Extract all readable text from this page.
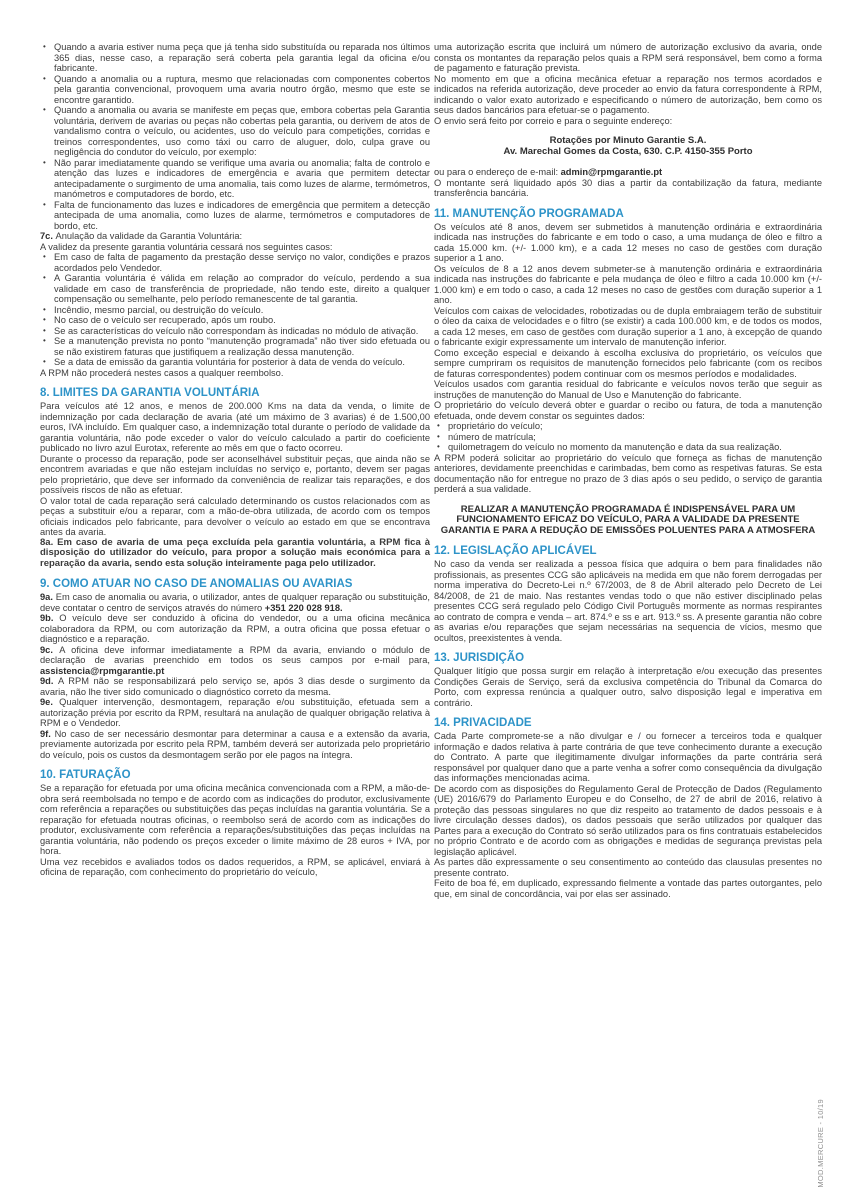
• Quando a avaria estiver numa peça que já tenha sido substituída ou reparada nos últimos 365 dias, nesse caso, a reparação será coberta pela garantia legal da oficina e/ou fabricante.
• Quando a anomalia ou a ruptura, mesmo que relacionadas com componentes cobertos pela garantia convencional, provoquem uma avaria noutro órgão, mesmo que este se encontre garantido.
• Quando a anomalia ou avaria se manifeste em peças que, embora cobertas pela Garantia voluntária, derivem de avarias ou peças não cobertas pela garantia, ou derivem de atos de vandalismo contra o veículo, ou acidentes, uso do veículo para competições, corridas e treinos correspondentes, uso como táxi ou carro de aluguer, dolo, culpa grave ou negligência do condutor do veículo, por exemplo:
• Não parar imediatamente quando se verifique uma avaria ou anomalia; falta de controlo e atenção das luzes e indicadores de emergência e avaria que permitem detectar antecipadamente o surgimento de uma anomalia, tais como luzes de alarme, termómetros, manómetros e computadores de bordo, etc.
• Falta de funcionamento das luzes e indicadores de emergência que permitem a detecção antecipada de uma anomalia, como luzes de alarme, termómetros e computadores de bordo, etc.
7c. Anulação da validade da Garantia Voluntária:
A validez da presente garantia voluntária cessará nos seguintes casos:
• Em caso de falta de pagamento da prestação desse serviço no valor, condições e prazos acordados pelo Vendedor.
• A Garantia voluntária é válida em relação ao comprador do veículo, perdendo a sua validade em caso de transferência de propriedade, não tendo este, direito a qualquer compensação ou semelhante, pelo período remanescente de tal garantia.
• Incêndio, mesmo parcial, ou destruição do veículo.
• No caso de o veículo ser recuperado, após um roubo.
• Se as características do veículo não correspondam às indicadas no módulo de ativação.
• Se a manutenção prevista no ponto “manutenção programada” não tiver sido efetuada ou se não existirem faturas que justifiquem a realização dessa manutenção.
• Se a data de emissão da garantia voluntária for posterior à data de venda do veículo.
A RPM não procederá nestes casos a qualquer reembolso.
8. LIMITES DA GARANTIA VOLUNTÁRIA
Para veículos até 12 anos, e menos de 200.000 Kms na data da venda, o limite de indemnização por cada declaração de avaria (até um máximo de 3 avarias) é de 1.500,00 euros, IVA incluído. Em qualquer caso, a indemnização total durante o período de validade da garantia voluntária, não pode exceder o valor do veículo calculado a partir do coeficiente publicado no livro azul Eurotax, referente ao mês em que o facto ocorreu.
Durante o processo da reparação, pode ser aconselhável substituir peças, que ainda não se encontrem avariadas e que não estejam incluídas no serviço e, portanto, devem ser pagas pelo proprietário, que deve ser informado da conveniência de realizar tais reparações, e dos possíveis riscos de não as efetuar.
O valor total de cada reparação será calculado determinando os custos relacionados com as peças a substituir e/ou a reparar, com a mão-de-obra utilizada, de acordo com os tempos oficiais indicados pelo fabricante, para devolver o veículo ao estado em que se encontrava antes da avaria.
8a. Em caso de avaria de uma peça excluída pela garantia voluntária, a RPM fica à disposição do utilizador do veículo, para propor a solução mais económica para a reparação da avaria, sendo esta solução inteiramente paga pelo utilizador.
9. COMO ATUAR NO CASO DE ANOMALIAS OU AVARIAS
9a. Em caso de anomalia ou avaria, o utilizador, antes de qualquer reparação ou substituição, deve contatar o centro de serviços através do número +351 220 028 918.
9b. O veículo deve ser conduzido à oficina do vendedor, ou a uma oficina mecânica colaboradora da RPM, ou com autorização da RPM, a outra oficina que possa efetuar o diagnóstico e a reparação.
9c. A oficina deve informar imediatamente a RPM da avaria, enviando o módulo de declaração de avarias preenchido em todos os seus campos por e-mail para, assistencia@rpmgarantie.pt
9d. A RPM não se responsabilizará pelo serviço se, após 3 dias desde o surgimento da avaria, não lhe tiver sido comunicado o diagnóstico correto da mesma.
9e. Qualquer intervenção, desmontagem, reparação e/ou substituição, efetuada sem a autorização prévia por escrito da RPM, resultará na anulação de qualquer obrigação relativa à RPM e o Vendedor.
9f. No caso de ser necessário desmontar para determinar a causa e a extensão da avaria, previamente autorizada por escrito pela RPM, também deverá ser autorizada pelo proprietário do veículo, pois os custos da desmontagem serão por ele pagos na íntegra.
10. FATURAÇÃO
Se a reparação for efetuada por uma oficina mecânica convencionada com a RPM, a mão-de-obra será reembolsada no tempo e de acordo com as indicações do produtor, exclusivamente com referência a reparações ou substituições das peças incluídas na garantia voluntária. Se a reparação for efetuada noutras oficinas, o reembolso será de acordo com as indicações do produtor, exclusivamente com referência a reparações/substituições das peças incluídas na garantia voluntária, não podendo os preços exceder o limite máximo de 28 euros + IVA, por hora.
Uma vez recebidos e avaliados todos os dados requeridos, a RPM, se aplicável, enviará à oficina de reparação, com conhecimento do proprietário do veículo,
uma autorização escrita que incluirá um número de autorização exclusivo da avaria, onde consta os montantes da reparação pelos quais a RPM será responsável, bem como a forma de pagamento e faturação prevista.
No momento em que a oficina mecânica efetuar a reparação nos termos acordados e indicados na referida autorização, deve proceder ao envio da fatura correspondente à RPM, indicando o valor exato autorizado e especificando o número de autorização, bem como os seus dados bancários para efetuar-se o pagamento.
O envio será feito por correio e para o seguinte endereço:
Rotações por Minuto Garantie S.A.
Av. Marechal Gomes da Costa, 630. C.P. 4150-355 Porto
ou para o endereço de e-mail: admin@rpmgarantie.pt
O montante será liquidado após 30 dias a partir da contabilização da fatura, mediante transferência bancária.
11. MANUTENÇÃO PROGRAMADA
Os veículos até 8 anos, devem ser submetidos à manutenção ordinária e extraordinária indicada nas instruções do fabricante e em todo o caso, a uma mudança de óleo e filtro a cada 15.000 km. (+/- 1.000 km), e a cada 12 meses no caso de gestões com duração superior a 1 ano.
Os veículos de 8 a 12 anos devem submeter-se à manutenção ordinária e extraordinária indicada nas instruções do fabricante e pela mudança de óleo e filtro a cada 10.000 km (+/- 1.000 km) e em todo o caso, a cada 12 meses no caso de gestões com duração superior a 1 ano.
Veículos com caixas de velocidades, robotizadas ou de dupla embraiagem terão de substituir o óleo da caixa de velocidades e o filtro (se existir) a cada 100.000 km, e de todos os modos, a cada 12 meses, em caso de gestões com duração superior a 1 ano, à excepção de quando o fabricante exigir expressamente um intervalo de manutenção inferior.
Como exceção especial e deixando à escolha exclusiva do proprietário, os veículos que sempre cumpriram os requisitos de manutenção fornecidos pelo fabricante (com os recibos de faturas correspondentes) podem continuar com os mesmos períodos e modalidades.
Veículos usados com garantia residual do fabricante e veículos novos terão que seguir as instruções de manutenção do Manual de Uso e Manutenção do fabricante.
O proprietário do veículo deverá obter e guardar o recibo ou fatura, de toda a manutenção efetuada, onde devem constar os seguintes dados:
• proprietário do veículo;
• número de matrícula;
• quilometragem do veículo no momento da manutenção e data da sua realização.
A RPM poderá solicitar ao proprietário do veículo que forneça as fichas de manutenção anteriores, devidamente preenchidas e carimbadas, bem como as respetivas faturas. Se esta documentação não for entregue no prazo de 3 dias após o seu pedido, o serviço de garantia perderá a sua validade.
REALIZAR A MANUTENÇÃO PROGRAMADA É INDISPENSÁVEL PARA UM FUNCIONAMENTO EFICAZ DO VEÍCULO, PARA A VALIDADE DA PRESENTE GARANTIA E PARA A REDUÇÃO DE EMISSÕES POLUENTES PARA A ATMOSFERA
12. LEGISLAÇÃO APLICÁVEL
No caso da venda ser realizada a pessoa física que adquira o bem para finalidades não profissionais, as presentes CCG são aplicáveis na medida em que não forem derrogadas per norma imperativa do Decreto-Lei n.º 67/2003, de 8 de Abril alterado pelo Decreto de Lei 84/2008, de 21 de maio. Nas restantes vendas todo o que não estiver disciplinado pelas presentes CCG será regulado pelo Código Civil Português mormente as normas respirantes ao contrato de compra e venda – art. 874.º e ss e art. 913.º ss. A presente garantia não cobre as avarias e/ou reparações que sejam necessárias na sequencia de vícios, mesmo que ocultos, preexistentes à venda.
13. JURISDIÇÃO
Qualquer litígio que possa surgir em relação à interpretação e/ou execução das presentes Condições Gerais de Serviço, será da exclusiva competência do Tribunal da Comarca do Porto, com expressa renúncia a qualquer outro, salvo disposição legal e imperativa em contrário.
14. PRIVACIDADE
Cada Parte compromete-se a não divulgar e / ou fornecer a terceiros toda e qualquer informação e dados relativa à parte contrária de que teve conhecimento durante a execução do Contrato. A parte que ilegitimamente divulgar informações da parte contrária será responsável por qualquer dano que a parte venha a sofrer como consequência da divulgação das informações mencionadas acima.
De acordo com as disposições do Regulamento Geral de Protecção de Dados (Regulamento (UE) 2016/679 do Parlamento Europeu e do Conselho, de 27 de abril de 2016, relativo à proteção das pessoas singulares no que diz respeito ao tratamento de dados pessoais e à livre circulação desses dados), os dados pessoais que serão utilizados por qualquer das Partes para a execução do Contrato só serão utilizados para os fins contratuais estabelecidos no próprio Contrato e de acordo com as obrigações e medidas de segurança previstas pela legislação aplicável.
As partes dão expressamente o seu consentimento ao conteúdo das clausulas presentes no presente contrato.
Feito de boa fé, em duplicado, expressando fielmente a vontade das partes outorgantes, pelo que, em sinal de concordância, vai por elas ser assinado.
MOD.MERCURE - 10/19
